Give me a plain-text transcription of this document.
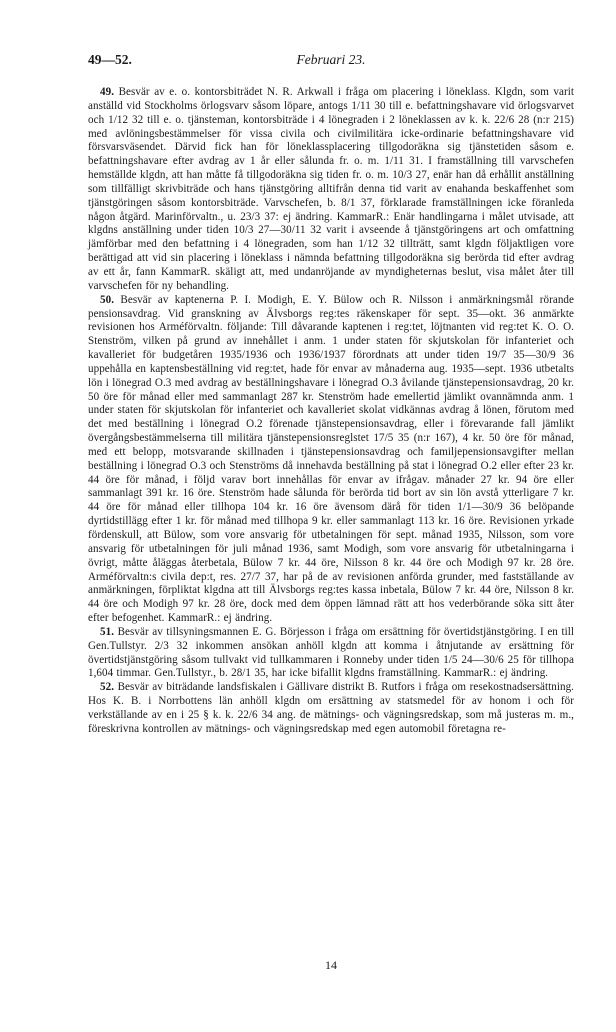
49—52.	Februari 23.

49. Besvär av e. o. kontorsbiträdet N. R. Arkwall i fråga om placering i löneklass. Klgdn, som varit anställd vid Stockholms örlogsvarv såsom löpare, antogs 1/11 30 till e. befattningshavare vid örlogsvarvet och 1/12 32 till e. o. tjänsteman, kontorsbiträde i 4 lönegraden i 2 löneklassen av k. k. 22/6 28 (n:r 215) med avlöningsbestämmelser för vissa civila och civilmilitära icke-ordinarie befattningshavare vid försvarsväsendet. Därvid fick han för löneklassplacering tillgodoräkna sig tjänstetiden såsom e. befattningshavare efter avdrag av 1 år eller sålunda fr. o. m. 1/11 31. I framställning till varvschefen hemställde klgdn, att han måtte få tillgodoräkna sig tiden fr. o. m. 10/3 27, enär han då erhållit anställning som tillfälligt skrivbiträde och hans tjänstgöring alltifrån denna tid varit av enahanda beskaffenhet som tjänstgöringen såsom kontorsbiträde. Varvschefen, b. 8/1 37, förklarade framställningen icke föranleda någon åtgärd. Marinförvaltn., u. 23/3 37: ej ändring. KammarR.: Enär handlingarna i målet utvisade, att klgdns anställning under tiden 10/3 27—30/11 32 varit i avseende å tjänstgöringens art och omfattning jämförbar med den befattning i 4 lönegraden, som han 1/12 32 tillträtt, samt klgdn följaktligen vore berättigad att vid sin placering i löneklass i nämnda befattning tillgodoräkna sig berörda tid efter avdrag av ett år, fann KammarR. skäligt att, med undanröjande av myndigheternas beslut, visa målet åter till varvschefen för ny behandling.

50. Besvär av kaptenerna P. I. Modigh, E. Y. Bülow och R. Nilsson i anmärkningsmål rörande pensionsavdrag. Vid granskning av Älvsborgs reg:tes räkenskaper för sept. 35—okt. 36 anmärkte revisionen hos Arméförvaltn. följande: Till dåvarande kaptenen i reg:tet, löjtnanten vid reg:tet K. O. O. Stenström, vilken på grund av innehållet i anm. 1 under staten för skjutskolan för infanteriet och kavalleriet för budgetåren 1935/1936 och 1936/1937 förordnats att under tiden 19/7 35—30/9 36 uppehålla en kaptensbeställning vid reg:tet, hade för envar av månaderna aug. 1935—sept. 1936 utbetalts lön i lönegrad O.3 med avdrag av beställningshavare i lönegrad O.3 åvilande tjänstepensionsavdrag, 20 kr. 50 öre för månad eller med sammanlagt 287 kr. Stenström hade emellertid jämlikt ovannämnda anm. 1 under staten för skjutskolan för infanteriet och kavalleriet skolat vidkännas avdrag å lönen, förutom med det med beställning i lönegrad O.2 förenade tjänstepensionsavdrag, eller i förevarande fall jämlikt övergångsbestämmelserna till militära tjänstepensionsreglstet 17/5 35 (n:r 167), 4 kr. 50 öre för månad, med ett belopp, motsvarande skillnaden i tjänstepensionsavdrag och familjepensionsavgifter mellan beställning i lönegrad O.3 och Stenströms då innehavda beställning på stat i lönegrad O.2 eller efter 23 kr. 44 öre för månad, i följd varav bort innehållas för envar av ifrågav. månader 27 kr. 94 öre eller sammanlagt 391 kr. 16 öre. Stenström hade sålunda för berörda tid bort av sin lön avstå ytterligare 7 kr. 44 öre för månad eller tillhopa 104 kr. 16 öre ävensom därå för tiden 1/1—30/9 36 belöpande dyrtidstillägg efter 1 kr. för månad med tillhopa 9 kr. eller sammanlagt 113 kr. 16 öre. Revisionen yrkade fördenskull, att Bülow, som vore ansvarig för utbetalningen för sept. månad 1935, Nilsson, som vore ansvarig för utbetalningen för juli månad 1936, samt Modigh, som vore ansvarig för utbetalningarna i övrigt, måtte åläggas återbetala, Bülow 7 kr. 44 öre, Nilsson 8 kr. 44 öre och Modigh 97 kr. 28 öre. Arméförvaltn:s civila dep:t, res. 27/7 37, har på de av revisionen anförda grunder, med fastställande av anmärkningen, förpliktat klgdna att till Älvsborgs reg:tes kassa inbetala, Bülow 7 kr. 44 öre, Nilsson 8 kr. 44 öre och Modigh 97 kr. 28 öre, dock med dem öppen lämnad rätt att hos vederbörande söka sitt åter efter befogenhet. KammarR.: ej ändring.

51. Besvär av tillsyningsmannen E. G. Börjesson i fråga om ersättning för övertidstjänstgöring. I en till Gen.Tullstyr. 2/3 32 inkommen ansökan anhöll klgdn att komma i åtnjutande av ersättning för övertidstjänstgöring såsom tullvakt vid tullkammaren i Ronneby under tiden 1/5 24—30/6 25 för tillhopa 1,604 timmar. Gen.Tullstyr., b. 28/1 35, har icke bifallit klgdns framställning. KammarR.: ej ändring.

52. Besvär av biträdande landsfiskalen i Gällivare distrikt B. Rutfors i fråga om resekostnadsersättning. Hos K. B. i Norrbottens län anhöll klgdn om ersättning av statsmedel för av honom i och för verkställande av en i 25 § k. k. 22/6 34 ang. de mätnings- och vägningsredskap, som må justeras m. m., föreskrivna kontrollen av mätnings- och vägningsredskap med egen automobil företagna re-

14
